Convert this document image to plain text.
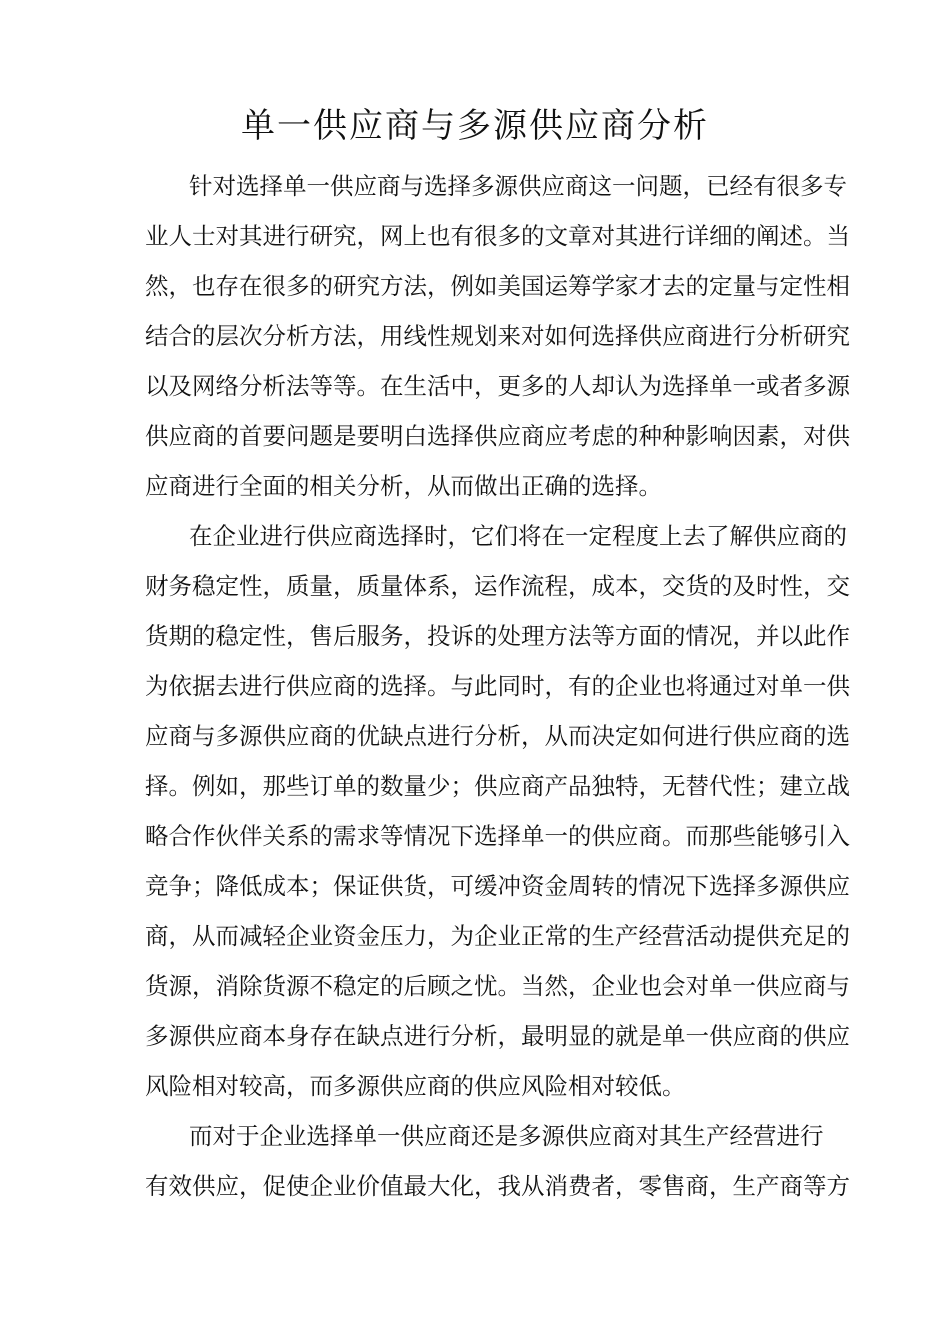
单一供应商与多源供应商分析
针对选择单一供应商与选择多源供应商这一问题，已经有很多专
业人士对其进行研究，网上也有很多的文章对其进行详细的阐述。当
然，也存在很多的研究方法，例如美国运筹学家才去的定量与定性相
结合的层次分析方法，用线性规划来对如何选择供应商进行分析研究
以及网络分析法等等。在生活中，更多的人却认为选择单一或者多源
供应商的首要问题是要明白选择供应商应考虑的种种影响因素，对供
应商进行全面的相关分析，从而做出正确的选择。
在企业进行供应商选择时，它们将在一定程度上去了解供应商的
财务稳定性，质量，质量体系，运作流程，成本，交货的及时性，交
货期的稳定性，售后服务，投诉的处理方法等方面的情况，并以此作
为依据去进行供应商的选择。与此同时，有的企业也将通过对单一供
应商与多源供应商的优缺点进行分析，从而决定如何进行供应商的选
择。例如，那些订单的数量少；供应商产品独特，无替代性；建立战
略合作伙伴关系的需求等情况下选择单一的供应商。而那些能够引入
竞争；降低成本；保证供货，可缓冲资金周转的情况下选择多源供应
商，从而减轻企业资金压力，为企业正常的生产经营活动提供充足的
货源，消除货源不稳定的后顾之忧。当然，企业也会对单一供应商与
多源供应商本身存在缺点进行分析，最明显的就是单一供应商的供应
风险相对较高，而多源供应商的供应风险相对较低。
而对于企业选择单一供应商还是多源供应商对其生产经营进行
有效供应，促使企业价值最大化，我从消费者，零售商，生产商等方
